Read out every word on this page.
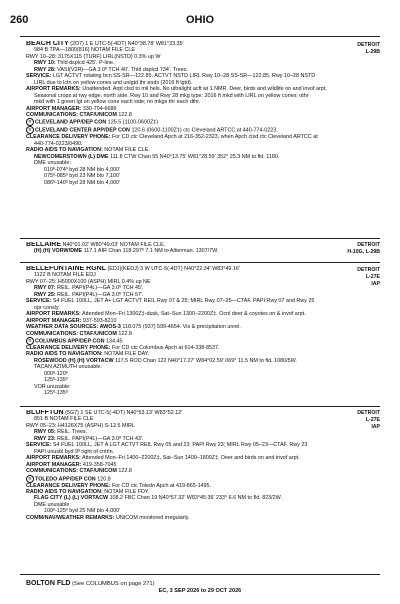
260	OHIO
DETROIT
L-29B
BEACH CITY (2D7) 1 E UTC-5(-4DT) N40°38.78′ W81°33.35′
984 B TPA—1800(816) NOTAM FILE CLE
RWY 10–28: 3175X115 (TURF) LIRL(NSTD) 0.3% up W
RWY 10: Thld dsplcd 425′. P-line.
RWY 28: VASI(V2R)—GA 3.0º TCH 40′. Thld dsplcd 734′. Trees.
SERVICE: LGT ACTVT rotating bcn SS-SR—122.85. ACTVT NSTD LIRL Rwy 10–28 SS-SR—122.85. Rwy 10–28 NSTD
LIRL due to lctn on yellow cones and unlgtd thr ends (2016 ft lgtd).
AIRPORT REMARKS: Unattended. Arpt clsd to mil hels. No ultralight acft wi 1 NMR. Deer, birds and wildlife on and invof arpt.
Seasonal crops at rwy edge, north side. Rwy 10 and Rwy 28 mkg type: 2016 ft mkd with LIRL on yellow cones; othr
mkd with 1 green lgt on yellow cone each side; no mkgs thr each dthr.
AIRPORT MANAGER: 330-704-6686
COMMUNICATIONS: CTAF/UNICOM 122.8
R CLEVELAND APP/DEP CON 125.5 (1100-0600Z‡)
R CLEVELAND CENTER APP/DEP CON 120.6 (0600-1100Z‡) ctc Cleveland ARTCC at 440-774-0223.
CLEARANCE DELIVERY PHONE: For CD ctc Cleveland Apch at 216-352-2323, when Apch clsd ctc Cleveland ARTCC at
440-774-0223/0490.
RADIO AIDS TO NAVIGATION: NOTAM FILE CLE.
NEWCOMERSTOWN (L) DME 111.8 CTW Chan 55 N40°13.75′ W81°28.59′ 352° 25.3 NM to fld. 1180.
DME unusable:
010º-074º byd 28 NM blo 4,000′
075º-085º byd 23 NM blo 7,100′
086º-140º byd 28 NM blo 4,000′
DETROIT
H-10G, L-29B
BELLAIRE N40°01.02′ W80°49.03′ NOTAM FILE CLE.
(H) (H) VORW/DME 117.1 AIR Chan 118 297º 7.1 NM to Altierman. 1307/7W.
DETROIT
L-27E
IAP
BELLEFONTAINE RGNL (EDJ)(KEDJ) 3 W UTC-5(-4DT) N40°22.34′ W83°49.16′
1122 B NOTAM FILE EDJ
RWY 07–25: H5000X100 (ASPH) MIRL 0.4% up NE
RWY 07: REIL. PAPI(P4L)—GA 3.0º TCH 45′.
RWY 25: REIL. PAPI(P4L)—GA 3.0º TCH 57′.
SERVICE: S4 FUEL 100LL, JET A+ LGT ACTVT REIL Rwy 07 & 25; MIRL Rwy 07–25—CTAF. PAPI Rwy 07 and Rwy 25
opr consly.
AIRPORT REMARKS: Attended Mon–Fri 1300Z‡-dusk, Sat–Sun 1300–2200Z‡. Ocnl deer & coyotes on & invof arpt.
AIRPORT MANAGER: 937-593-8210
WEATHER DATA SOURCES: AWOS-3 118.075 (937) 599-4654. Vis & precipitation unrel.
COMMUNICATIONS: CTAF/UNICOM 122.8
R COLUMBUS APP/DEP CON 134.45
CLEARANCE DELIVERY PHONE: For CD ctc Columbus Apch at 614-338-8537.
RADIO AIDS TO NAVIGATION: NOTAM FILE DAY.
ROSEWOOD (H) (H) VORTACW 117.5 ROD Chan 122 N40°17.27′ W84°02.59′ 069° 11.5 NM to fld. 1080/5W.
TACAN AZIMUTH unusable:
000º-120º
125º-135º
VOR unusable:
125º-135º
DETROIT
L-27E
IAP
BLUFFTON (5G7) 1 SE UTC-5(-4DT) N40°53.13′ W83°52.12′
851 B NOTAM FILE CLE
RWY 05–23: H4126X75 (ASPH) S-12.5 MIRL
RWY 05: REIL. Trees.
RWY 23: REIL. PAPI(P4L)—GA 3.0º TCH 43′.
SERVICE: S4 FUEL 100LL, JET A LGT ACTVT REIL Rwy 05 and 23; PAPI Rwy 23; MIRL Rwy 05–23—CTAF. Rwy 23
PAPI unusbl byd 9º right of cntrln.
AIRPORT REMARKS: Attended Mon–Fri 1400–2200Z‡, Sat–Sun 1400–1800Z‡. Deer and birds on and invof arpt.
AIRPORT MANAGER: 419-358-7045
COMMUNICATIONS: CTAF/UNICOM 122.8
R TOLEDO APP/DEP CON 120.8
CLEARANCE DELIVERY PHONE: For CD ctc Toledo Apch at 419-865-1495.
RADIO AIDS TO NAVIGATION: NOTAM FILE FDY.
FLAG CITY (L) (L) VORTACW 108.2 FBC Chan 19 N40°57.32′ W83°45.36′ 233° 6.6 NM to fld. 823/2W.
DME unusable:
100º-125º byd 25 NM blo 4,000′
COMM/NAV/WEATHER REMARKS: UNICOM monitored irregularly.
BOLTON FLD (See COLUMBUS on page 271)
EC, 3 SEP 2026 to 29 OCT 2026
